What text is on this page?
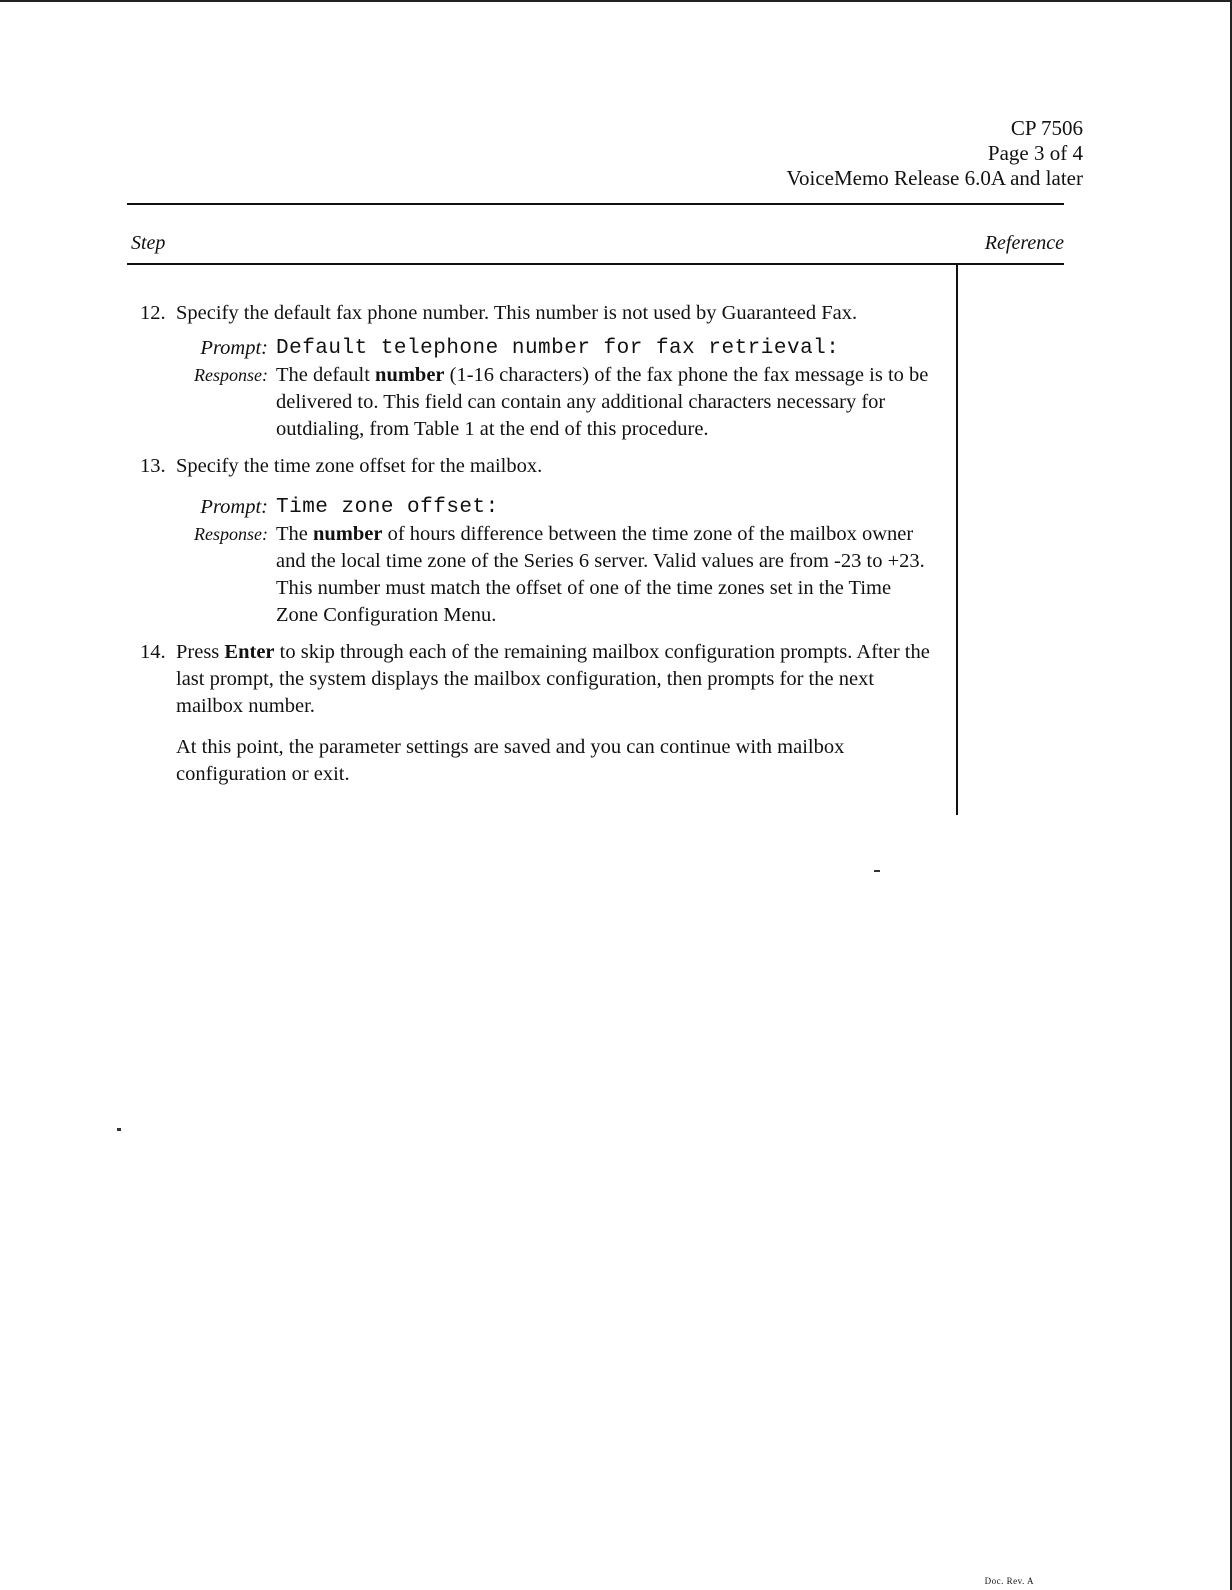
CP 7506
Page 3 of 4
VoiceMemo Release 6.0A and later
Step	Reference
12. Specify the default fax phone number. This number is not used by Guaranteed Fax.
Prompt: Default telephone number for fax retrieval:
Response: The default number (1-16 characters) of the fax phone the fax message is to be delivered to. This field can contain any additional characters necessary for outdialing, from Table 1 at the end of this procedure.
13. Specify the time zone offset for the mailbox.
Prompt: Time zone offset:
Response: The number of hours difference between the time zone of the mailbox owner and the local time zone of the Series 6 server. Valid values are from -23 to +23. This number must match the offset of one of the time zones set in the Time Zone Configuration Menu.
14. Press Enter to skip through each of the remaining mailbox configuration prompts. After the last prompt, the system displays the mailbox configuration, then prompts for the next mailbox number.
At this point, the parameter settings are saved and you can continue with mailbox configuration or exit.
Doc. Rev. A
